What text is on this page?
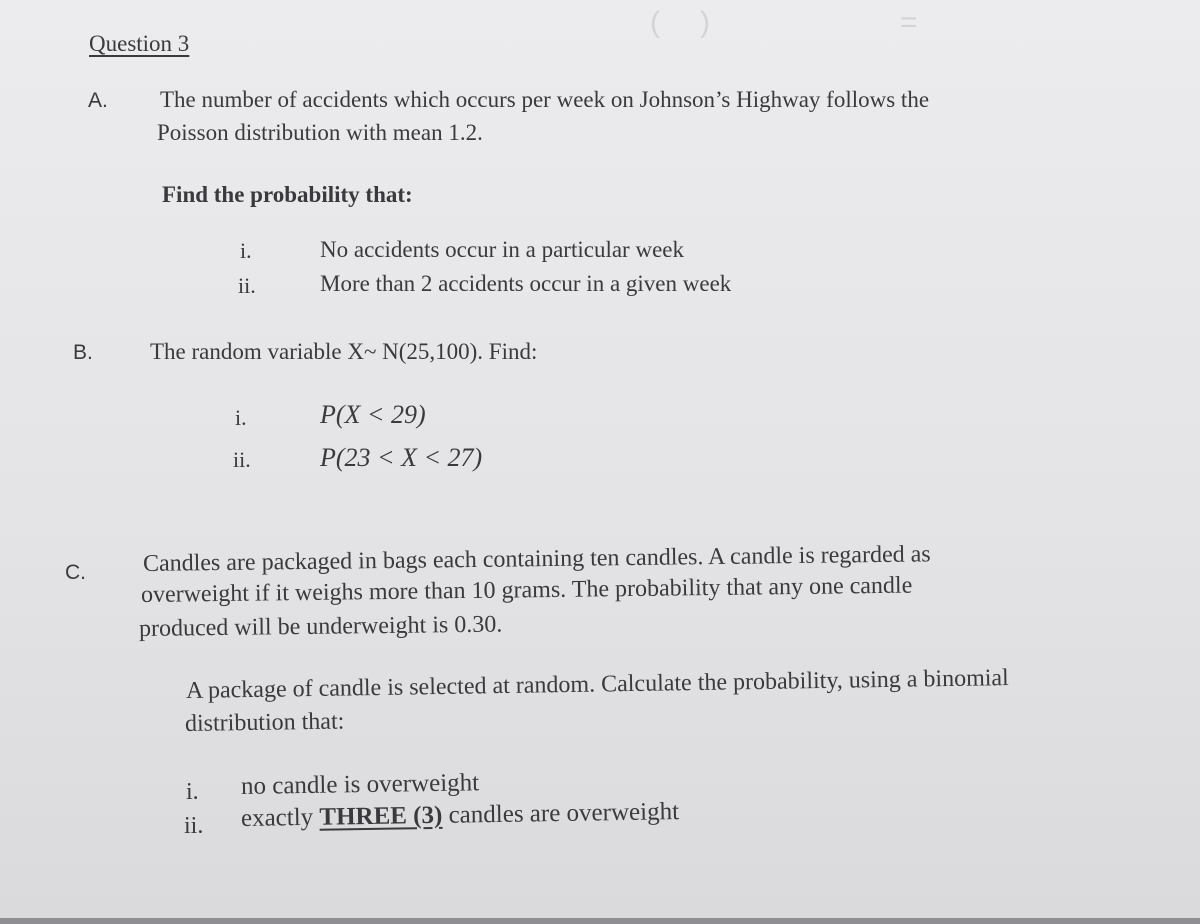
( )	=
Question 3
A. The number of accidents which occurs per week on Johnson’s Highway follows the
Poisson distribution with mean 1.2.
Find the probability that:
i.	No accidents occur in a particular week
ii.	More than 2 accidents occur in a given week
B. The random variable X~ N(25,100). Find:
i.	P(X < 29)
ii.	P(23 < X < 27)
C. Candles are packaged in bags each containing ten candles. A candle is regarded as
overweight if it weighs more than 10 grams. The probability that any one candle
produced will be underweight is 0.30.
A package of candle is selected at random. Calculate the probability, using a binomial
distribution that:
i. no candle is overweight
ii. exactly THREE (3) candles are overweight
